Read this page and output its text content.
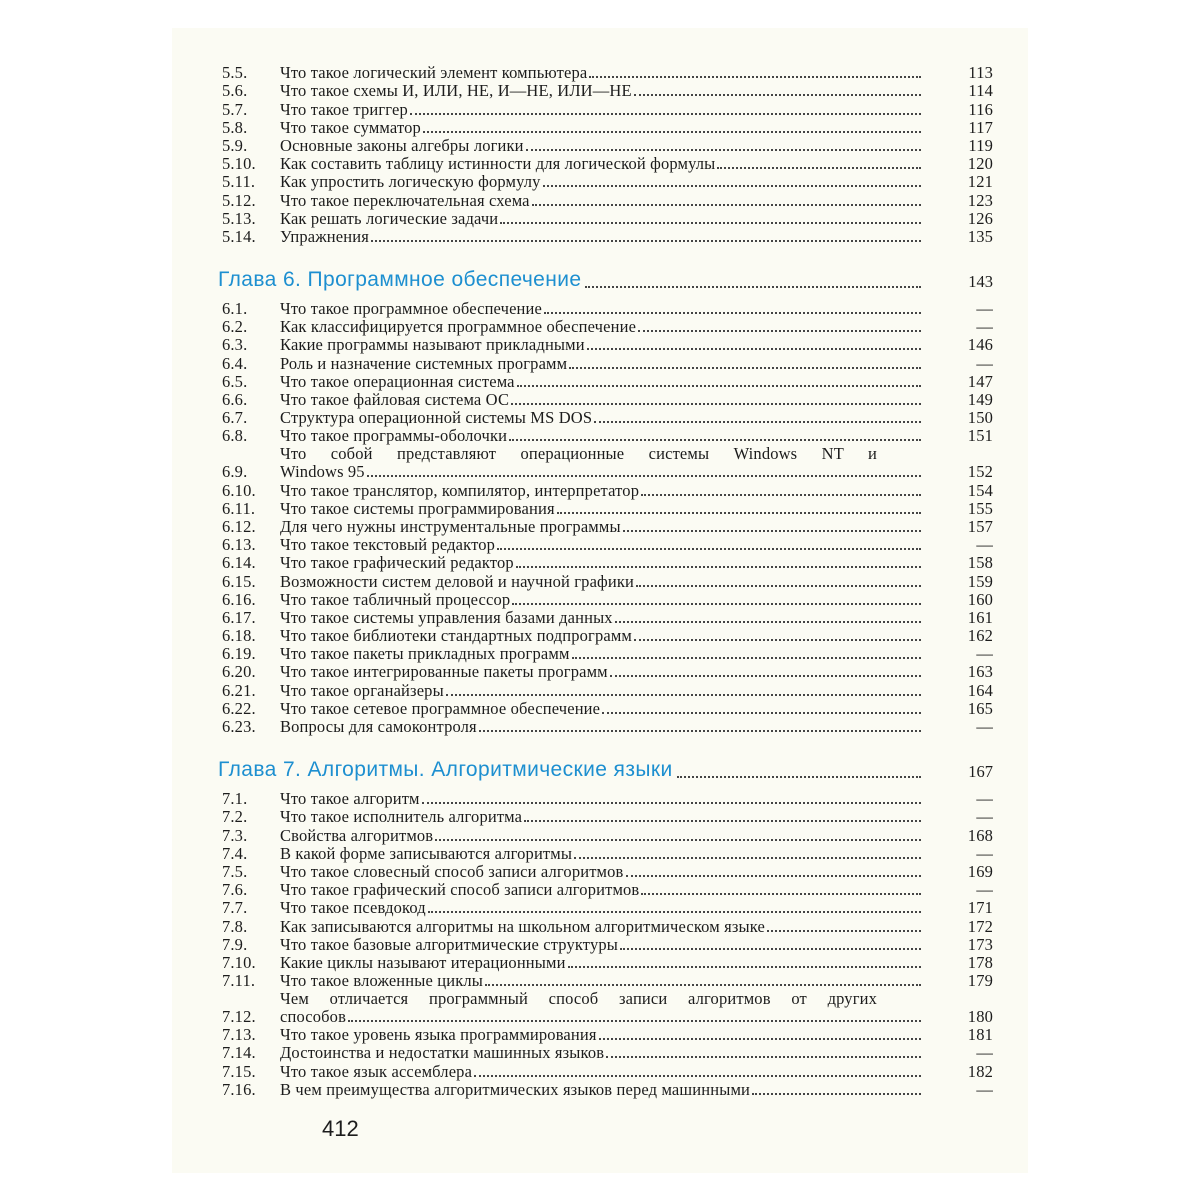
5.5.	Что такое логический элемент компьютера	113
5.6.	Что такое схемы И, ИЛИ, НЕ, И—НЕ, ИЛИ—НЕ	114
5.7.	Что такое триггер	116
5.8.	Что такое сумматор	117
5.9.	Основные законы алгебры логики	119
5.10.	Как составить таблицу истинности для логической формулы	120
5.11.	Как упростить логическую формулу	121
5.12.	Что такое переключательная схема	123
5.13.	Как решать логические задачи	126
5.14.	Упражнения	135
Глава 6. Программное обеспечение	143
6.1.	Что такое программное обеспечение	—
6.2.	Как классифицируется программное обеспечение	—
6.3.	Какие программы называют прикладными	146
6.4.	Роль и назначение системных программ	—
6.5.	Что такое операционная система	147
6.6.	Что такое файловая система ОС	149
6.7.	Структура операционной системы MS DOS	150
6.8.	Что такое программы-оболочки	151
6.9.
Что собой представляют операционные системы Windows NT и
Windows 95	152
6.10.	Что такое транслятор, компилятор, интерпретатор	154
6.11.	Что такое системы программирования	155
6.12.	Для чего нужны инструментальные программы	157
6.13.	Что такое текстовый редактор	—
6.14.	Что такое графический редактор	158
6.15.	Возможности систем деловой и научной графики	159
6.16.	Что такое табличный процессор	160
6.17.	Что такое системы управления базами данных	161
6.18.	Что такое библиотеки стандартных подпрограмм	162
6.19.	Что такое пакеты прикладных программ	—
6.20.	Что такое интегрированные пакеты программ	163
6.21.	Что такое органайзеры	164
6.22.	Что такое сетевое программное обеспечение	165
6.23.	Вопросы для самоконтроля	—
Глава 7. Алгоритмы. Алгоритмические языки	167
7.1.	Что такое алгоритм	—
7.2.	Что такое исполнитель алгоритма	—
7.3.	Свойства алгоритмов	168
7.4.	В какой форме записываются алгоритмы	—
7.5.	Что такое словесный способ записи алгоритмов	169
7.6.	Что такое графический способ записи алгоритмов	—
7.7.	Что такое псевдокод	171
7.8.	Как записываются алгоритмы на школьном алгоритмическом языке	172
7.9.	Что такое базовые алгоритмические структуры	173
7.10.	Какие циклы называют итерационными	178
7.11.	Что такое вложенные циклы	179
7.12.
Чем отличается программный способ записи алгоритмов от других
способов	180
7.13.	Что такое уровень языка программирования	181
7.14.	Достоинства и недостатки машинных языков	—
7.15.	Что такое язык ассемблера	182
7.16.	В чем преимущества алгоритмических языков перед машинными	—
412
